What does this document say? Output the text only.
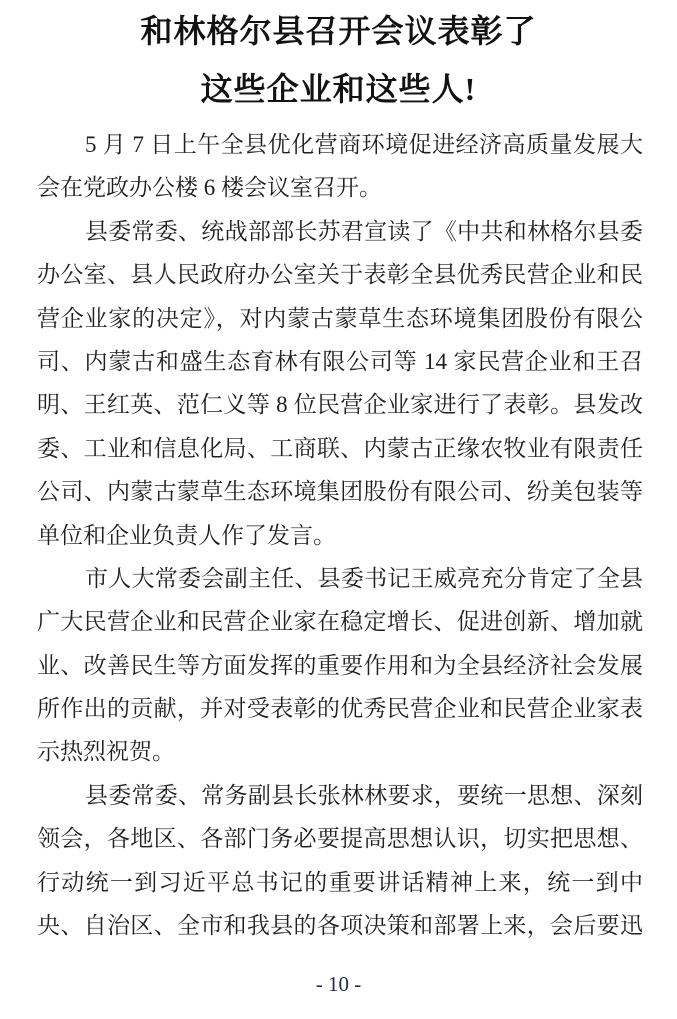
和林格尔县召开会议表彰了
这些企业和这些人!
5 月 7 日上午全县优化营商环境促进经济高质量发展大
会在党政办公楼 6 楼会议室召开。
县委常委、统战部部长苏君宣读了《中共和林格尔县委
办公室、县人民政府办公室关于表彰全县优秀民营企业和民
营企业家的决定》，对内蒙古蒙草生态环境集团股份有限公
司、内蒙古和盛生态育林有限公司等 14 家民营企业和王召
明、王红英、范仁义等 8 位民营企业家进行了表彰。县发改
委、工业和信息化局、工商联、内蒙古正缘农牧业有限责任
公司、内蒙古蒙草生态环境集团股份有限公司、纷美包装等
单位和企业负责人作了发言。
市人大常委会副主任、县委书记王威亮充分肯定了全县
广大民营企业和民营企业家在稳定增长、促进创新、增加就
业、改善民生等方面发挥的重要作用和为全县经济社会发展
所作出的贡献，并对受表彰的优秀民营企业和民营企业家表
示热烈祝贺。
县委常委、常务副县长张林林要求，要统一思想、深刻
领会，各地区、各部门务必要提高思想认识，切实把思想、
行动统一到习近平总书记的重要讲话精神上来，统一到中
央、自治区、全市和我县的各项决策和部署上来，会后要迅
- 10 -
